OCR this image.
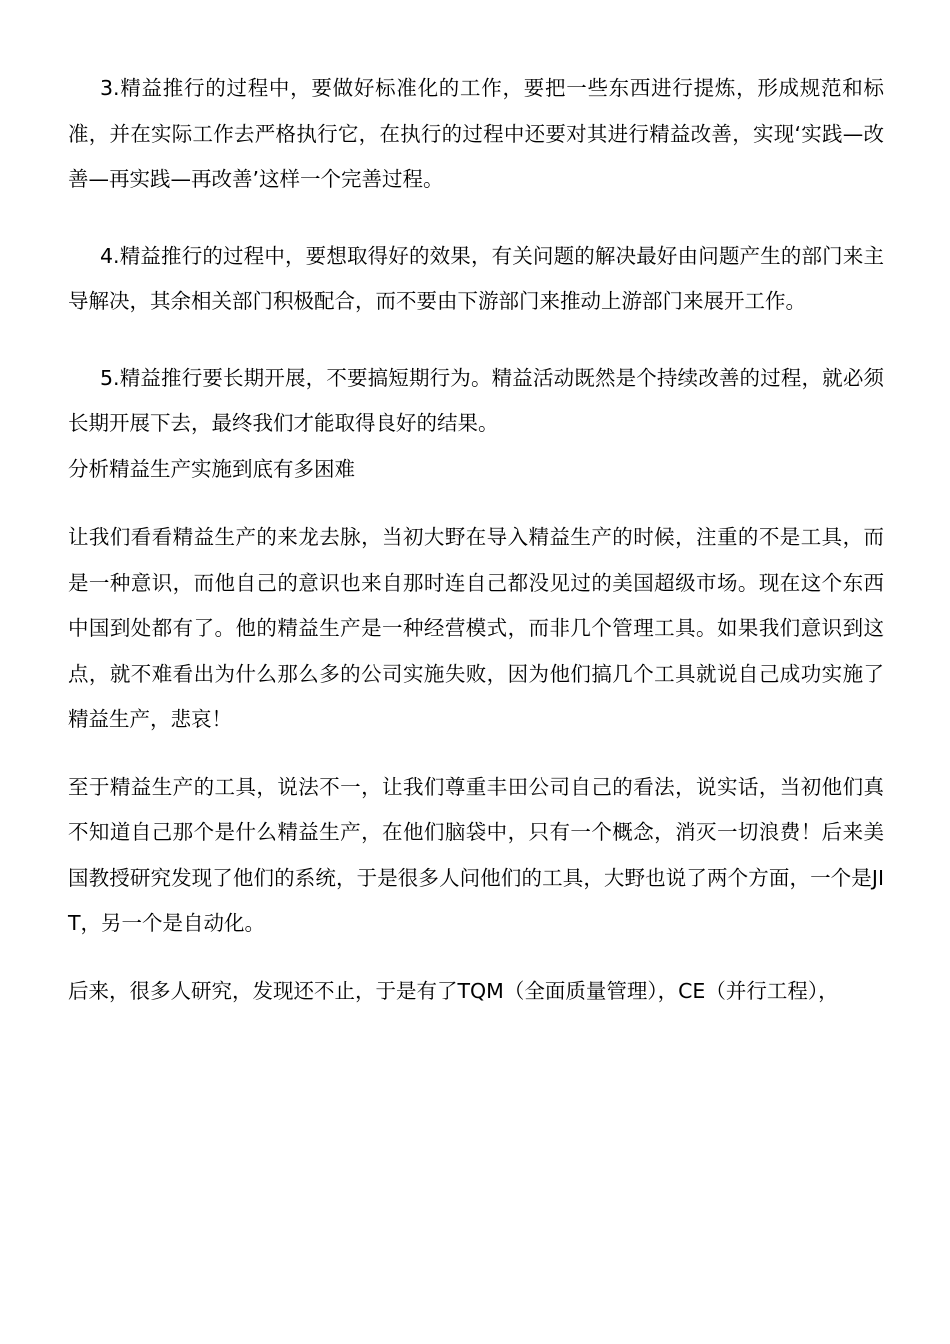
3.精益推行的过程中，要做好标准化的工作，要把一些东西进行提炼，形成规范和标准，并在实际工作去严格执行它，在执行的过程中还要对其进行精益改善，实现‘实践—改善—再实践—再改善’这样一个完善过程。

4.精益推行的过程中，要想取得好的效果，有关问题的解决最好由问题产生的部门来主导解决，其余相关部门积极配合，而不要由下游部门来推动上游部门来展开工作。

5.精益推行要长期开展，不要搞短期行为。精益活动既然是个持续改善的过程，就必须长期开展下去，最终我们才能取得良好的结果。

分析精益生产实施到底有多困难

让我们看看精益生产的来龙去脉，当初大野在导入精益生产的时候，注重的不是工具，而是一种意识，而他自己的意识也来自那时连自己都没见过的美国超级市场。现在这个东西中国到处都有了。他的精益生产是一种经营模式，而非几个管理工具。如果我们意识到这点，就不难看出为什么那么多的公司实施失败，因为他们搞几个工具就说自己成功实施了精益生产，悲哀！

至于精益生产的工具，说法不一，让我们尊重丰田公司自己的看法，说实话，当初他们真不知道自己那个是什么精益生产，在他们脑袋中，只有一个概念，消灭一切浪费！后来美国教授研究发现了他们的系统，于是很多人问他们的工具，大野也说了两个方面，一个是JIT，另一个是自动化。

后来，很多人研究，发现还不止，于是有了TQM（全面质量管理），CE（并行工程），
